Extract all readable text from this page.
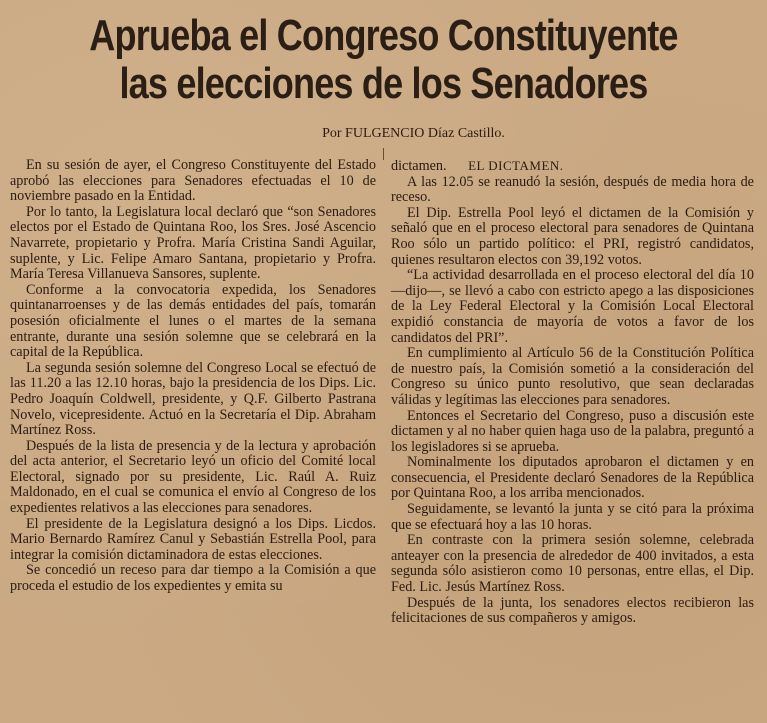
Aprueba el Congreso Constituyente
las elecciones de los Senadores
Por FULGENCIO Díaz Castillo.

En su sesión de ayer, el Congreso Constituyente del Estado aprobó las elecciones para Senadores efectuadas el 10 de noviembre pasado en la Entidad.

Por lo tanto, la Legislatura local declaró que “son Senadores electos por el Estado de Quintana Roo, los Sres. José Ascencio Navarrete, propietario y Profra. María Cristina Sandi Aguilar, suplente, y Lic. Felipe Amaro Santana, propietario y Profra. María Teresa Villanueva Sansores, suplente.

Conforme a la convocatoria expedida, los Senadores quintanarroenses y de las demás entidades del país, tomarán posesión oficialmente el lunes o el martes de la semana entrante, durante una sesión solemne que se celebrará en la capital de la República.

La segunda sesión solemne del Congreso Local se efectuó de las 11.20 a las 12.10 horas, bajo la presidencia de los Dips. Lic. Pedro Joaquín Coldwell, presidente, y Q.F. Gilberto Pastrana Novelo, vicepresidente. Actuó en la Secretaría el Dip. Abraham Martínez Ross.

Después de la lista de presencia y de la lectura y aprobación del acta anterior, el Secretario leyó un oficio del Comité local Electoral, signado por su presidente, Lic. Raúl A. Ruiz Maldonado, en el cual se comunica el envío al Congreso de los expedientes relativos a las elecciones para senadores.

El presidente de la Legislatura designó a los Dips. Licdos. Mario Bernardo Ramírez Canul y Sebastián Estrella Pool, para integrar la comisión dictaminadora de estas elecciones.

Se concedió un receso para dar tiempo a la Comisión a que proceda el estudio de los expedientes y emita su

dictamen. EL DICTAMEN.

A las 12.05 se reanudó la sesión, después de media hora de receso.

El Dip. Estrella Pool leyó el dictamen de la Comisión y señaló que en el proceso electoral para senadores de Quintana Roo sólo un partido político: el PRI, registró candidatos, quienes resultaron electos con 39,192 votos.

“La actividad desarrollada en el proceso electoral del día 10 —dijo—, se llevó a cabo con estricto apego a las disposiciones de la Ley Federal Electoral y la Comisión Local Electoral expidió constancia de mayoría de votos a favor de los candidatos del PRI”.

En cumplimiento al Artículo 56 de la Constitución Política de nuestro país, la Comisión sometió a la consideración del Congreso su único punto resolutivo, que sean declaradas válidas y legítimas las elecciones para senadores.

Entonces el Secretario del Congreso, puso a discusión este dictamen y al no haber quien haga uso de la palabra, preguntó a los legisladores si se aprueba.

Nominalmente los diputados aprobaron el dictamen y en consecuencia, el Presidente declaró Senadores de la República por Quintana Roo, a los arriba mencionados.

Seguidamente, se levantó la junta y se citó para la próxima que se efectuará hoy a las 10 horas.

En contraste con la primera sesión solemne, celebrada anteayer con la presencia de alrededor de 400 invitados, a esta segunda sólo asistieron como 10 personas, entre ellas, el Dip. Fed. Lic. Jesús Martínez Ross.

Después de la junta, los senadores electos recibieron las felicitaciones de sus compañeros y amigos.
